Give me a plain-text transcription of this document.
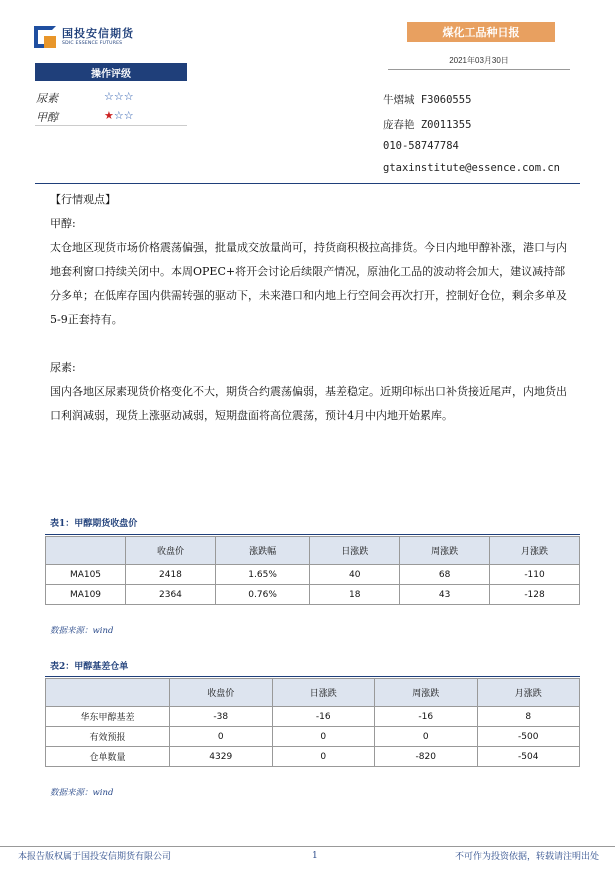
国投安信期货
SDIC ESSENCE FUTURES
煤化工品种日报
2021年03月30日
操作评级
尿素	☆☆☆
甲醇	★☆☆
牛熠城 F3060555
庞春艳 Z0011355
010-58747784
gtaxinstitute@essence.com.cn
【行情观点】
甲醇:
太仓地区现货市场价格震荡偏强，批量成交放量尚可，持货商积极拉高排货。今日内地甲醇补涨，港口与内地套利窗口持续关闭中。本周OPEC+将开会讨论后续限产情况，原油化工品的波动将会加大，建议减持部分多单；在低库存国内供需转强的驱动下，未来港口和内地上行空间会再次打开，控制好仓位，剩余多单及5-9正套持有。
尿素:
国内各地区尿素现货价格变化不大，期货合约震荡偏弱，基差稳定。近期印标出口补货接近尾声，内地货出口利润减弱，现货上涨驱动减弱，短期盘面将高位震荡，预计4月中内地开始累库。
表1：甲醇期货收盘价
	收盘价	涨跌幅	日涨跌	周涨跌	月涨跌
MA105	2418	1.65%	40	68	-110
MA109	2364	0.76%	18	43	-128
数据来源：wind
表2：甲醇基差仓单
	收盘价	日涨跌	周涨跌	月涨跌
华东甲醇基差	-38	-16	-16	8
有效预报	0	0	0	-500
仓单数量	4329	0	-820	-504
数据来源：wind
本报告版权属于国投安信期货有限公司	1	不可作为投资依据，转载请注明出处
